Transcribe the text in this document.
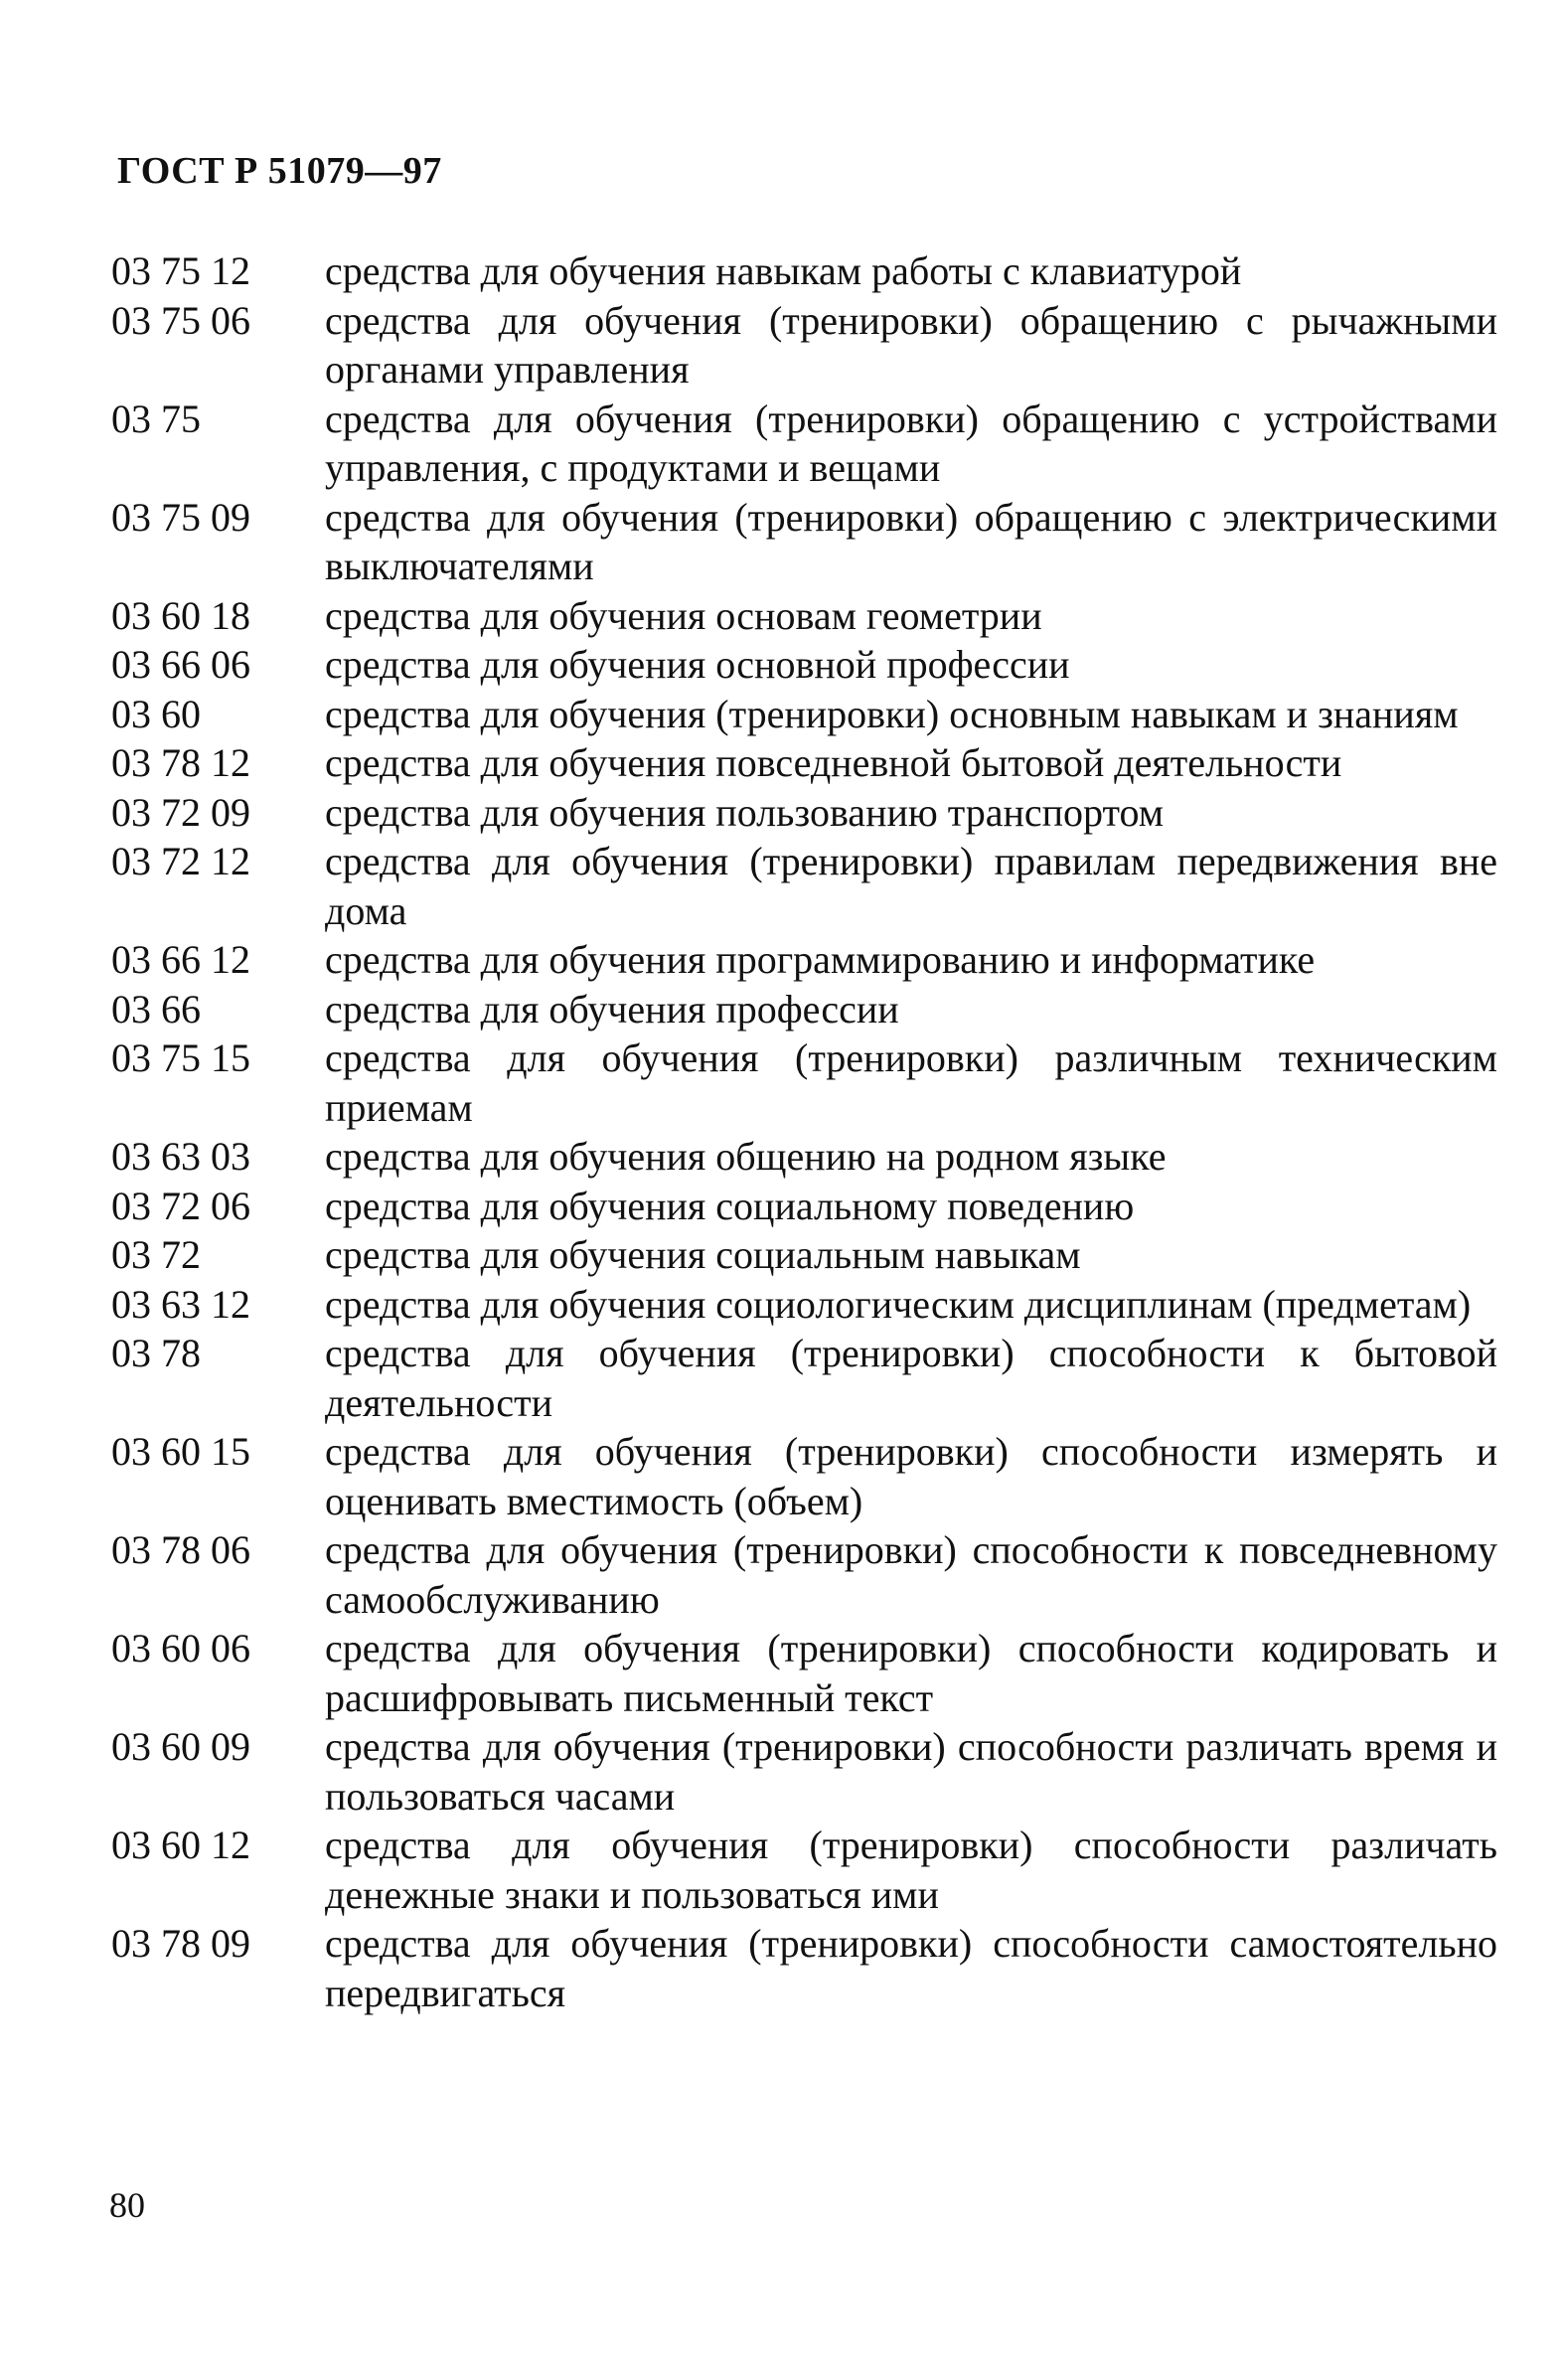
ГОСТ Р 51079—97
03 75 12	средства для обучения навыкам работы с клавиатурой
03 75 06	средства для обучения (тренировки) обращению с рычажными органами управления
03 75	средства для обучения (тренировки) обращению с устройствами управления, с продуктами и вещами
03 75 09	средства для обучения (тренировки) обращению с электрическими выключателями
03 60 18	средства для обучения основам геометрии
03 66 06	средства для обучения основной профессии
03 60	средства для обучения (тренировки) основным навыкам и знаниям
03 78 12	средства для обучения повседневной бытовой деятельности
03 72 09	средства для обучения пользованию транспортом
03 72 12	средства для обучения (тренировки) правилам передвижения вне дома
03 66 12	средства для обучения программированию и информатике
03 66	средства для обучения профессии
03 75 15	средства для обучения (тренировки) различным техническим приемам
03 63 03	средства для обучения общению на родном языке
03 72 06	средства для обучения социальному поведению
03 72	средства для обучения социальным навыкам
03 63 12	средства для обучения социологическим дисциплинам (предметам)
03 78	средства для обучения (тренировки) способности к бытовой деятельности
03 60 15	средства для обучения (тренировки) способности измерять и оценивать вместимость (объем)
03 78 06	средства для обучения (тренировки) способности к повседневному самообслуживанию
03 60 06	средства для обучения (тренировки) способности кодировать и расшифровывать письменный текст
03 60 09	средства для обучения (тренировки) способности различать время и пользоваться часами
03 60 12	средства для обучения (тренировки) способности различать денежные знаки и пользоваться ими
03 78 09	средства для обучения (тренировки) способности самостоятельно передвигаться
80
